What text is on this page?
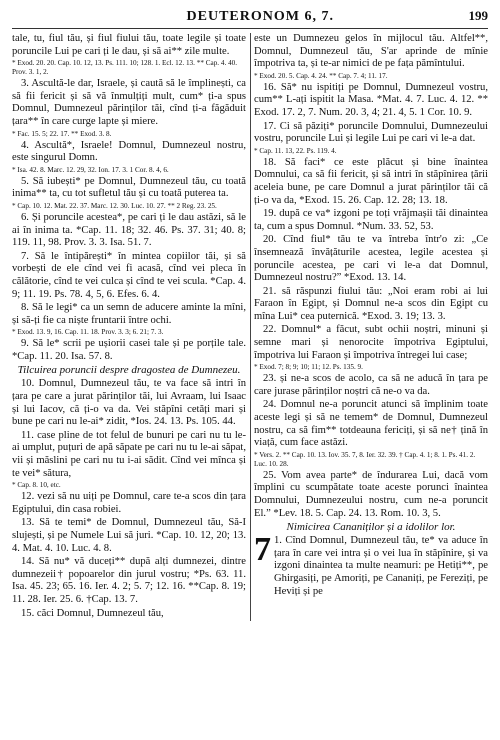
DEUTERONOM 6, 7.	199

tale, tu, fiul tău, și fiul fiului tău, toate legile și toate poruncile Lui pe cari ți le dau, și să ai** zile multe.

* Exod. 20. 20. Cap. 10. 12, 13. Ps. 111. 10; 128. 1. Ecl. 12. 13. ** Cap. 4. 40. Prov. 3. 1, 2.

3. Ascultă-le dar, Israele, și caută să le împlinești, ca să fii fericit și să vă înmulțiți mult, cum* ți-a spus Domnul, Dumnezeul părinților tăi, cînd ți-a făgăduit țara** în care curge lapte și miere.

* Fac. 15. 5; 22. 17. ** Exod. 3. 8.

4. Ascultă*, Israele! Domnul, Dumnezeul nostru, este singurul Domn.

* Isa. 42. 8. Marc. 12. 29, 32. Ion. 17. 3. 1 Cor. 8. 4, 6.

5. Să iubești* pe Domnul, Dumnezeul tău, cu toată inima** ta, cu tot sufletul tău și cu toată puterea ta.

* Cap. 10. 12. Mat. 22. 37. Marc. 12. 30. Luc. 10. 27. ** 2 Reg. 23. 25.

6. Și poruncile acestea*, pe cari ți le dau astăzi, să le ai în inima ta. *Cap. 11. 18; 32. 46. Ps. 37. 31; 40. 8; 119. 11, 98. Prov. 3. 3. Isa. 51. 7.

7. Să le întipărești* în mintea copiilor tăi, și să vorbești de ele cînd vei fi acasă, cînd vei pleca în călătorie, cînd te vei culca și cînd te vei scula. *Cap. 4. 9; 11. 19. Ps. 78. 4, 5, 6. Efes. 6. 4.

8. Să le legi* ca un semn de aducere aminte la mîni, și să-ți fie ca niște fruntarii între ochi.

* Exod. 13. 9, 16. Cap. 11. 18. Prov. 3. 3; 6. 21; 7. 3.

9. Să le* scrii pe ușiorii casei tale și pe porțile tale. *Cap. 11. 20. Isa. 57. 8.

Tilcuirea poruncii despre dragostea de Dumnezeu.

10. Domnul, Dumnezeul tău, te va face să intri în țara pe care a jurat părinților tăi, lui Avraam, lui Isaac și lui Iacov, că ți-o va da. Vei stăpîni cetăți mari și bune pe cari nu le-ai* zidit, *Ios. 24. 13. Ps. 105. 44.

11. case pline de tot felul de bunuri pe cari nu tu le-ai umplut, puțuri de apă săpate pe cari nu tu le-ai săpat, vii și măslini pe cari nu tu i-ai sădit. Cînd vei mînca și te vei* sătura,

* Cap. 8. 10, etc.

12. vezi să nu uiți pe Domnul, care te-a scos din țara Egiptului, din casa robiei.

13. Să te temi* de Domnul, Dumnezeul tău, Să-I slujești, și pe Numele Lui să juri. *Cap. 10. 12, 20; 13. 4. Mat. 4. 10. Luc. 4. 8.

14. Să nu* vă duceți** după alți dumnezei, dintre dumnezeii† popoarelor din jurul vostru; *Ps. 63. 11. Isa. 45. 23; 65. 16. Ier. 4. 2; 5. 7; 12. 16. **Cap. 8. 19; 11. 28. Ier. 25. 6. †Cap. 13. 7.

15. căci Domnul, Dumnezeul tău,

este un Dumnezeu gelos în mijlocul tău. Altfel**, Domnul, Dumnezeul tău, S'ar aprinde de mînie împotriva ta, și te-ar nimici de pe fața pămîntului.

* Exod. 20. 5. Cap. 4. 24. ** Cap. 7. 4; 11. 17.

16. Să* nu ispitiți pe Domnul, Dumnezeul vostru, cum** L-ați ispitit la Masa. *Mat. 4. 7. Luc. 4. 12. ** Exod. 17. 2, 7. Num. 20. 3, 4; 21. 4, 5. 1 Cor. 10. 9.

17. Ci să păziți* poruncile Domnului, Dumnezeului vostru, poruncile Lui și legile Lui pe cari vi le-a dat.

* Cap. 11. 13, 22. Ps. 119. 4.

18. Să faci* ce este plăcut și bine înaintea Domnului, ca să fii fericit, și să intri în stăpînirea țării aceleia bune, pe care Domnul a jurat părinților tăi că ți-o va da, *Exod. 15. 26. Cap. 12. 28; 13. 18.

19. după ce va* izgoni pe toți vrăjmașii tăi dinaintea ta, cum a spus Domnul. *Num. 33. 52, 53.

20. Cînd fiul* tău te va întreba într'o zi: „Ce însemnează învățăturile acestea, legile acestea și poruncile acestea, pe cari vi le-a dat Domnul, Dumnezeul nostru?” *Exod. 13. 14.

21. să răspunzi fiului tău: „Noi eram robi ai lui Faraon în Egipt, și Domnul ne-a scos din Egipt cu mîna Lui* cea puternică. *Exod. 3. 19; 13. 3.

22. Domnul* a făcut, subt ochii noștri, minuni și semne mari și nenorocite împotriva Egiptului, împotriva lui Faraon și împotriva întregei lui case;

* Exod. 7; 8; 9; 10; 11; 12. Ps. 135. 9.

23. și ne-a scos de acolo, ca să ne aducă în țara pe care jurase părinților noștri că ne-o va da.

24. Domnul ne-a poruncit atunci să împlinim toate aceste legi și să ne temem* de Domnul, Dumnezeul nostru, ca să fim** totdeauna fericiți, și să ne† țină în viață, cum face astăzi.

* Vers. 2. ** Cap. 10. 13. Iov. 35. 7, 8. Ier. 32. 39. † Cap. 4. 1; 8. 1. Ps. 41. 2. Luc. 10. 28.

25. Vom avea parte* de îndurarea Lui, dacă vom împlini cu scumpătate toate aceste porunci înaintea Domnului, Dumnezeului nostru, cum ne-a poruncit El.” *Lev. 18. 5. Cap. 24. 13. Rom. 10. 3, 5.

Nimicirea Cananiților și a idolilor lor.

7 1. Cînd Domnul, Dumnezeul tău, te* va aduce în țara în care vei intra și o vei lua în stăpînire, și va izgoni dinaintea ta multe neamuri: pe Hetiți**, pe Ghirgasiți, pe Amoriți, pe Cananiți, pe Fereziți, pe Heviți și pe
